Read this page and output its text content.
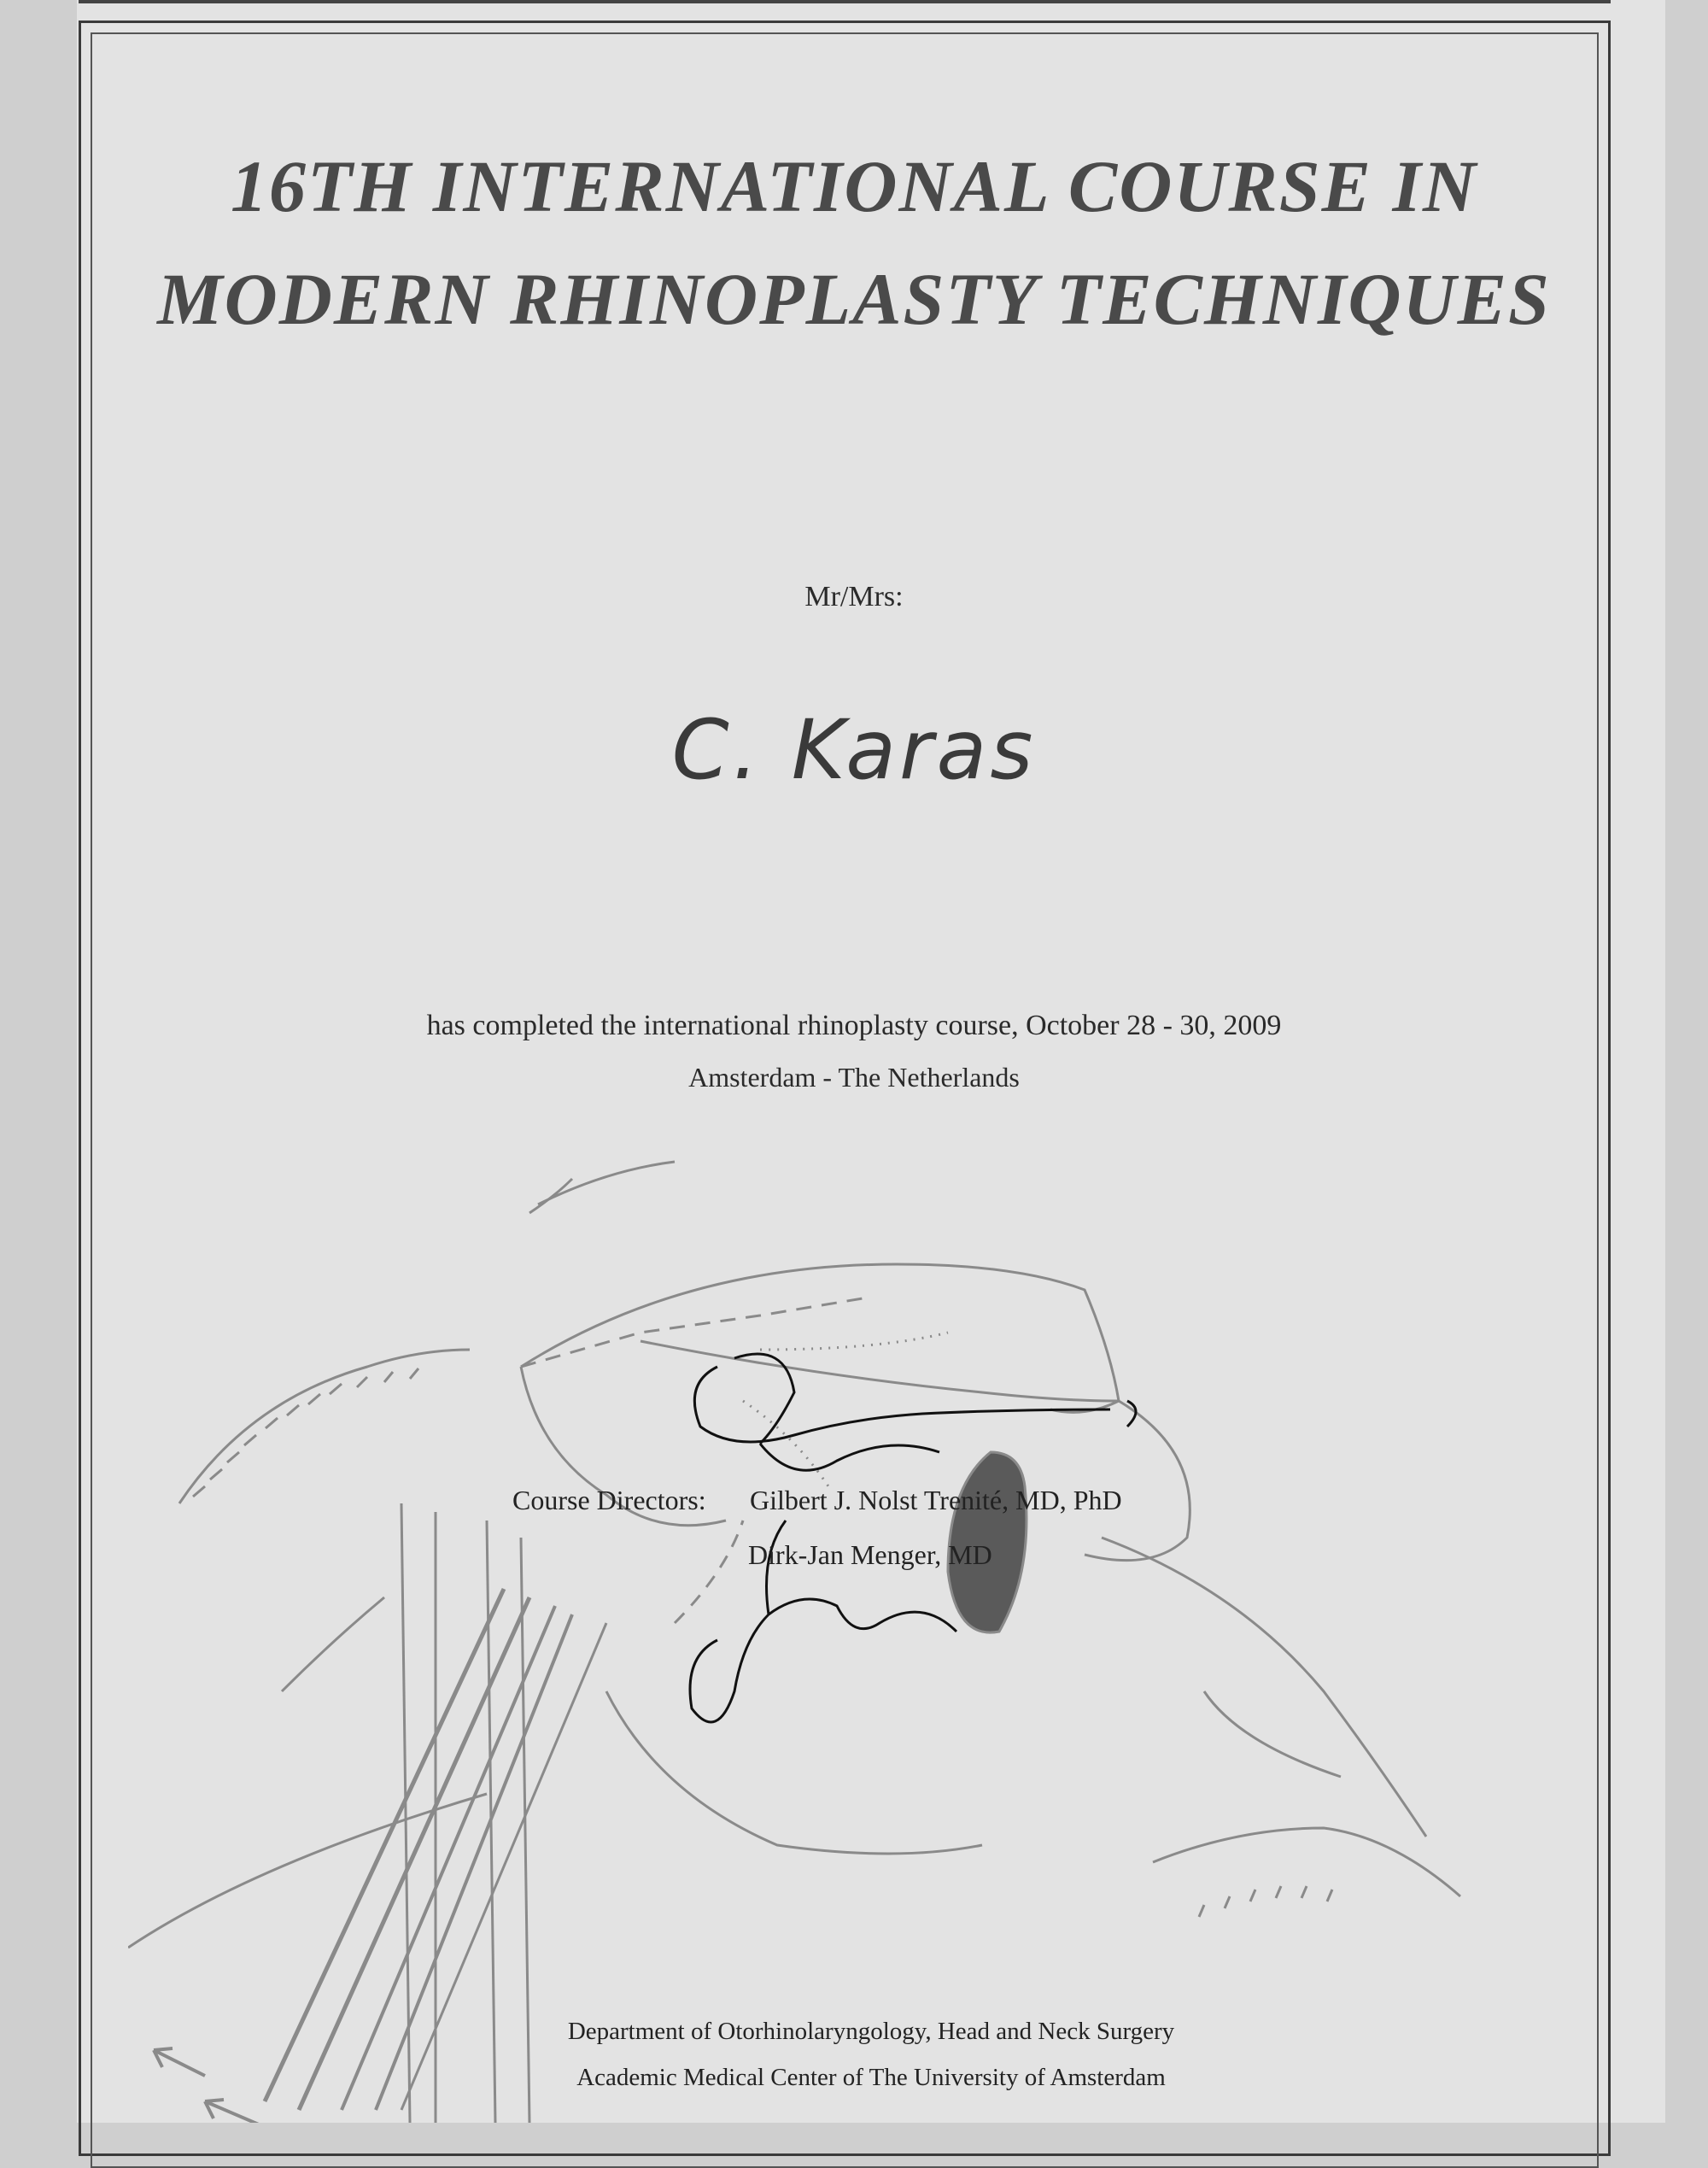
16TH INTERNATIONAL COURSE IN
MODERN RHINOPLASTY TECHNIQUES
Mr/Mrs:
C. Karas
has completed the international rhinoplasty course, October 28 - 30, 2009
Amsterdam - The Netherlands
Course Directors: Gilbert J. Nolst Trenité, MD, PhD
Dirk-Jan Menger, MD
Department of Otorhinolaryngology, Head and Neck Surgery
Academic Medical Center of The University of Amsterdam
